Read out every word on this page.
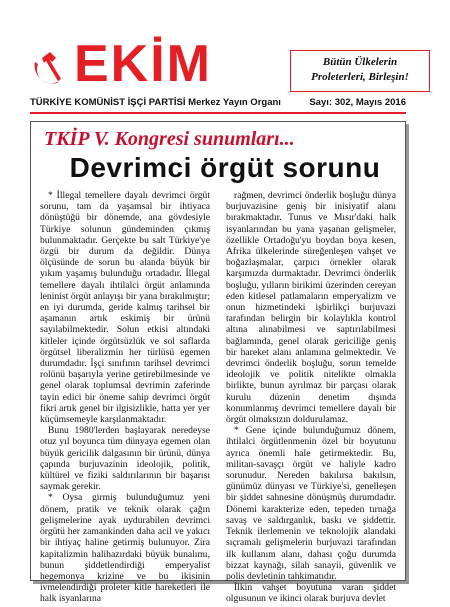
EKİM	Bütün Ülkelerin
Proleterleri, Birleşin!
TÜRKİYE KOMÜNİST İŞÇİ PARTİSİ Merkez Yayın Organı	Sayı: 302, Mayıs 2016
TKİP V. Kongresi sunumları...
Devrimci örgüt sorunu

* İllegal temellere dayalı devrimci örgüt sorunu, tam da yaşamsal bir ihtiyaca dönüştüğü bir dönemde, ana gövdesiyle Türkiye solunun gündeminden çıkmış bulunmaktadır. Gerçekte bu salt Türkiye'ye özgü bir durum da değildir. Dünya ölçüsünde de sorun bu alanda büyük bir yıkım yaşamış bulunduğu ortadadır. İllegal temellere dayalı ihtilalci örgüt anlamında leninist örgüt anlayışı bir yana bırakılmıştır; en iyi durumda, geride kalmış tarihsel bir aşamanın artık eskimiş bir ürünü sayılabilmektedir. Solun etkisi altındaki kitleler içinde örgütsüzlük ve sol saflarda örgütsel liberalizmin her türlüsü egemen durumdadır. İşçi sınıfının tarihsel devrimci rolünü başarıyla yerine getirebilmesinde ve genel olarak toplumsal devrimin zaferinde tayin edici bir öneme sahip devrimci örgüt fikri artık genel bir ilgisizlikle, hatta yer yer küçümsemeyle karşılanmaktadır.

Bunu 1980'lerden başlayarak neredeyse otuz yıl boyunca tüm dünyaya egemen olan büyük gericilik dalgasının bir ürünü, dünya çapında burjuvazinin ideolojik, politik, kültürel ve fiziki saldırılarının bir başarısı saymak gerekir.

* Oysa girmiş bulunduğumuz yeni dönem, pratik ve teknik olarak çağın gelişmelerine ayak uydurabilen devrimci örgütü her zamankinden daha acil ve yakıcı bir ihtiyaç haline getirmiş bulunuyor. Zira kapitalizmin halihazırdaki büyük bunalımı, bunun şiddetlendirdiği emperyalist hegemonya krizine ve bu ikisinin ivmelendirdiği proleter kitle hareketleri ile halk isyanlarına

rağmen, devrimci önderlik boşluğu dünya burjuvazisine geniş bir inisiyatif alanı bırakmaktadır. Tunus ve Mısır'daki halk isyanlarından bu yana yaşanan gelişmeler, özellikle Ortadoğu'yu boydan boya kesen, Afrika ülkelerinde süreğenleşen vahşet ve boğazlaşmalar, çarpıcı örnekler olarak karşımızda durmaktadır. Devrimci önderlik boşluğu, yılların birikimi üzerinden cereyan eden kitlesel patlamaların emperyalizm ve onun hizmetindeki işbirlikçi burjuvazi tarafından belirgin bir kolaylıkla kontrol altına alınabilmesi ve saptırılabilmesi bağlamında, genel olarak gericiliğe geniş bir hareket alanı anlamına gelmektedir. Ve devrimci önderlik boşluğu, sorun temelde ideolojik ve politik nitelikte olmakla birlikte, bunun ayrılmaz bir parçası olarak kurulu düzenin denetim dışında konumlanmış devrimci temellere dayalı bir örgüt olmaksızın doldurulamaz.

* Gene içinde bulunduğumuz dönem, ihtilalci örgütlenmenin özel bir boyutunu ayrıca önemli hale getirmektedir. Bu, militan-savaşçı örgüt ve haliyle kadro sorunudur. Nereden bakılırsa bakılsın, günümüz dünyası ve Türkiye'si, genelleşen bir şiddet sahnesine dönüşmüş durumdadır. Dönemi karakterize eden, tepeden tırnağa savaş ve saldırganlık, baskı ve şiddettir. Teknik ilerlemenin ve teknolojik alandaki sıçramalı gelişmelerin burjuvazi tarafından ilk kullanım alanı, dahası çoğu durumda bizzat kaynağı, silah sanayii, güvenlik ve polis devletinin tahkimatıdır.

İlkin vahşet boyutuna varan şiddet olgusunun ve ikinci olarak burjuva devlet
